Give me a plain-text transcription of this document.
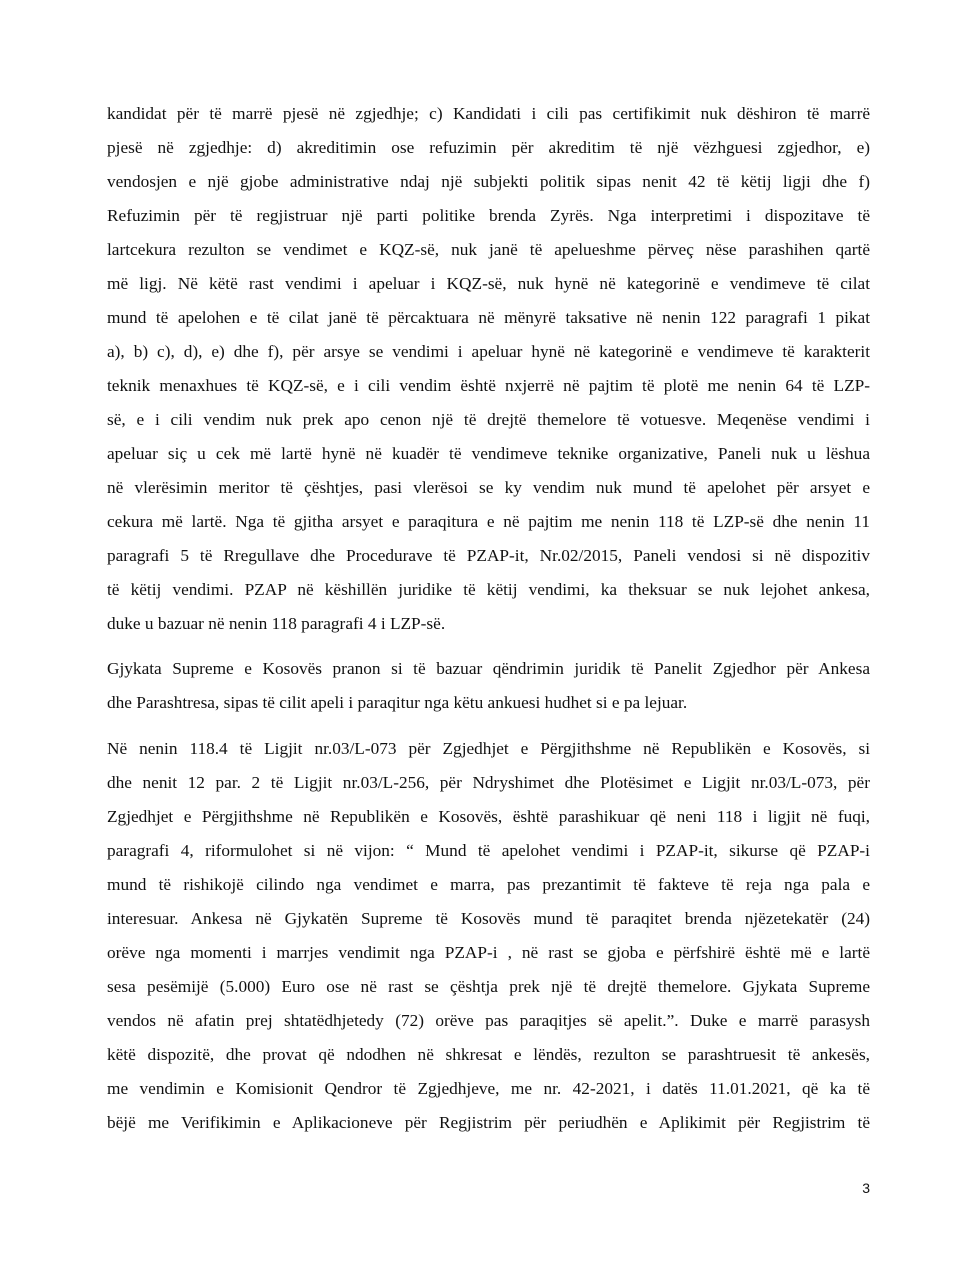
kandidat për të marrë pjesë në zgjedhje; c) Kandidati i cili pas certifikimit nuk dëshiron të marrë

pjesë në zgjedhje: d) akreditimin ose refuzimin për akreditim të një vëzhguesi zgjedhor, e)

vendosjen e një gjobe administrative ndaj një subjekti politik sipas nenit 42 të këtij ligji dhe f)

Refuzimin për të regjistruar një parti politike brenda Zyrës. Nga interpretimi i dispozitave të

lartcekura rezulton se vendimet e KQZ-së, nuk janë të apelueshme përveç nëse parashihen qartë

më ligj. Në këtë rast vendimi i apeluar i KQZ-së, nuk hynë në kategorinë e vendimeve të cilat

mund të apelohen e të cilat janë të përcaktuara në mënyrë taksative në nenin 122 paragrafi 1 pikat

a), b) c), d), e) dhe f), për arsye se vendimi i apeluar hynë në kategorinë e vendimeve të karakterit

teknik menaxhues të KQZ-së, e i cili vendim është nxjerrë në pajtim të plotë me nenin 64 të LZP-

së, e i cili vendim nuk prek apo cenon një të drejtë themelore të votuesve. Meqenëse vendimi i

apeluar siç u cek më lartë hynë në kuadër të vendimeve teknike organizative, Paneli nuk u lëshua

në vlerësimin meritor të çështjes, pasi vlerësoi se ky vendim nuk mund të apelohet për arsyet e

cekura më lartë. Nga të gjitha arsyet e paraqitura e në pajtim me nenin 118 të LZP-së dhe nenin 11

paragrafi 5 të Rregullave dhe Procedurave të PZAP-it, Nr.02/2015, Paneli vendosi si në dispozitiv

të këtij vendimi. PZAP në këshillën juridike të këtij vendimi, ka theksuar se nuk lejohet ankesa,

duke u bazuar në nenin 118 paragrafi 4 i LZP-së.

Gjykata Supreme e Kosovës pranon si të bazuar qëndrimin juridik të Panelit Zgjedhor për Ankesa

dhe Parashtresa, sipas të cilit apeli i paraqitur nga këtu ankuesi hudhet si e pa lejuar.

Në nenin 118.4 të Ligjit nr.03/L-073 për Zgjedhjet e Përgjithshme në Republikën e Kosovës, si

dhe nenit 12 par. 2 të Ligjit nr.03/L-256, për Ndryshimet dhe Plotësimet e Ligjit nr.03/L-073, për

Zgjedhjet e Përgjithshme në Republikën e Kosovës, është parashikuar që neni 118 i ligjit në fuqi,

paragrafi 4, riformulohet si në vijon: “ Mund të apelohet vendimi i PZAP-it, sikurse që PZAP-i

mund të rishikojë cilindo nga vendimet e marra, pas prezantimit të fakteve të reja nga pala e

interesuar. Ankesa në Gjykatën Supreme të Kosovës mund të paraqitet brenda njëzetekatër (24)

orëve nga momenti i marrjes vendimit nga PZAP-i , në rast se gjoba e përfshirë është më e lartë

sesa pesëmijë (5.000) Euro ose në rast se çështja prek një të drejtë themelore. Gjykata Supreme

vendos në afatin prej shtatëdhjetedy (72) orëve pas paraqitjes së apelit.”. Duke e marrë parasysh

këtë dispozitë, dhe provat që ndodhen në shkresat e lëndës, rezulton se parashtruesit të ankesës,

me vendimin e Komisionit Qendror të Zgjedhjeve, me nr. 42-2021, i datës 11.01.2021, që ka të

bëjë me Verifikimin e Aplikacioneve për Regjistrim për periudhën e Aplikimit për Regjistrim të

3
